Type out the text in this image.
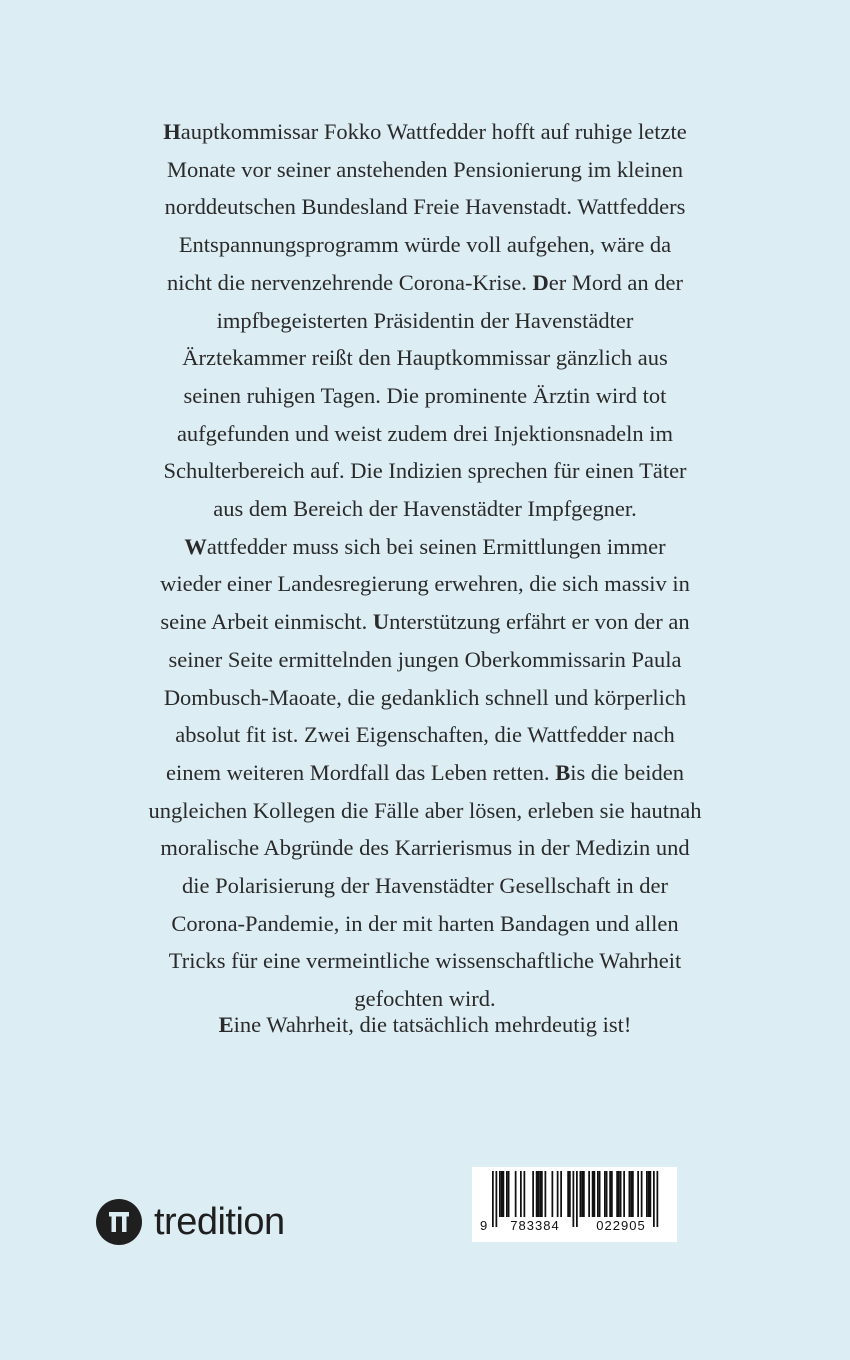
Hauptkommissar Fokko Wattfedder hofft auf ruhige letzte
Monate vor seiner anstehenden Pensionierung im kleinen
norddeutschen Bundesland Freie Havenstadt. Wattfedders
Entspannungsprogramm würde voll aufgehen, wäre da
nicht die nervenzehrende Corona-Krise. Der Mord an der
impfbegeisterten Präsidentin der Havenstädter
Ärztekammer reißt den Hauptkommissar gänzlich aus
seinen ruhigen Tagen. Die prominente Ärztin wird tot
aufgefunden und weist zudem drei Injektionsnadeln im
Schulterbereich auf. Die Indizien sprechen für einen Täter
aus dem Bereich der Havenstädter Impfgegner.
Wattfedder muss sich bei seinen Ermittlungen immer
wieder einer Landesregierung erwehren, die sich massiv in
seine Arbeit einmischt. Unterstützung erfährt er von der an
seiner Seite ermittelnden jungen Oberkommissarin Paula
Dombusch-Maoate, die gedanklich schnell und körperlich
absolut fit ist. Zwei Eigenschaften, die Wattfedder nach
einem weiteren Mordfall das Leben retten. Bis die beiden
ungleichen Kollegen die Fälle aber lösen, erleben sie hautnah
moralische Abgründe des Karrierismus in der Medizin und
die Polarisierung der Havenstädter Gesellschaft in der
Corona-Pandemie, in der mit harten Bandagen und allen
Tricks für eine vermeintliche wissenschaftliche Wahrheit
gefochten wird.
Eine Wahrheit, die tatsächlich mehrdeutig ist!
tredition	9	783384	022905
